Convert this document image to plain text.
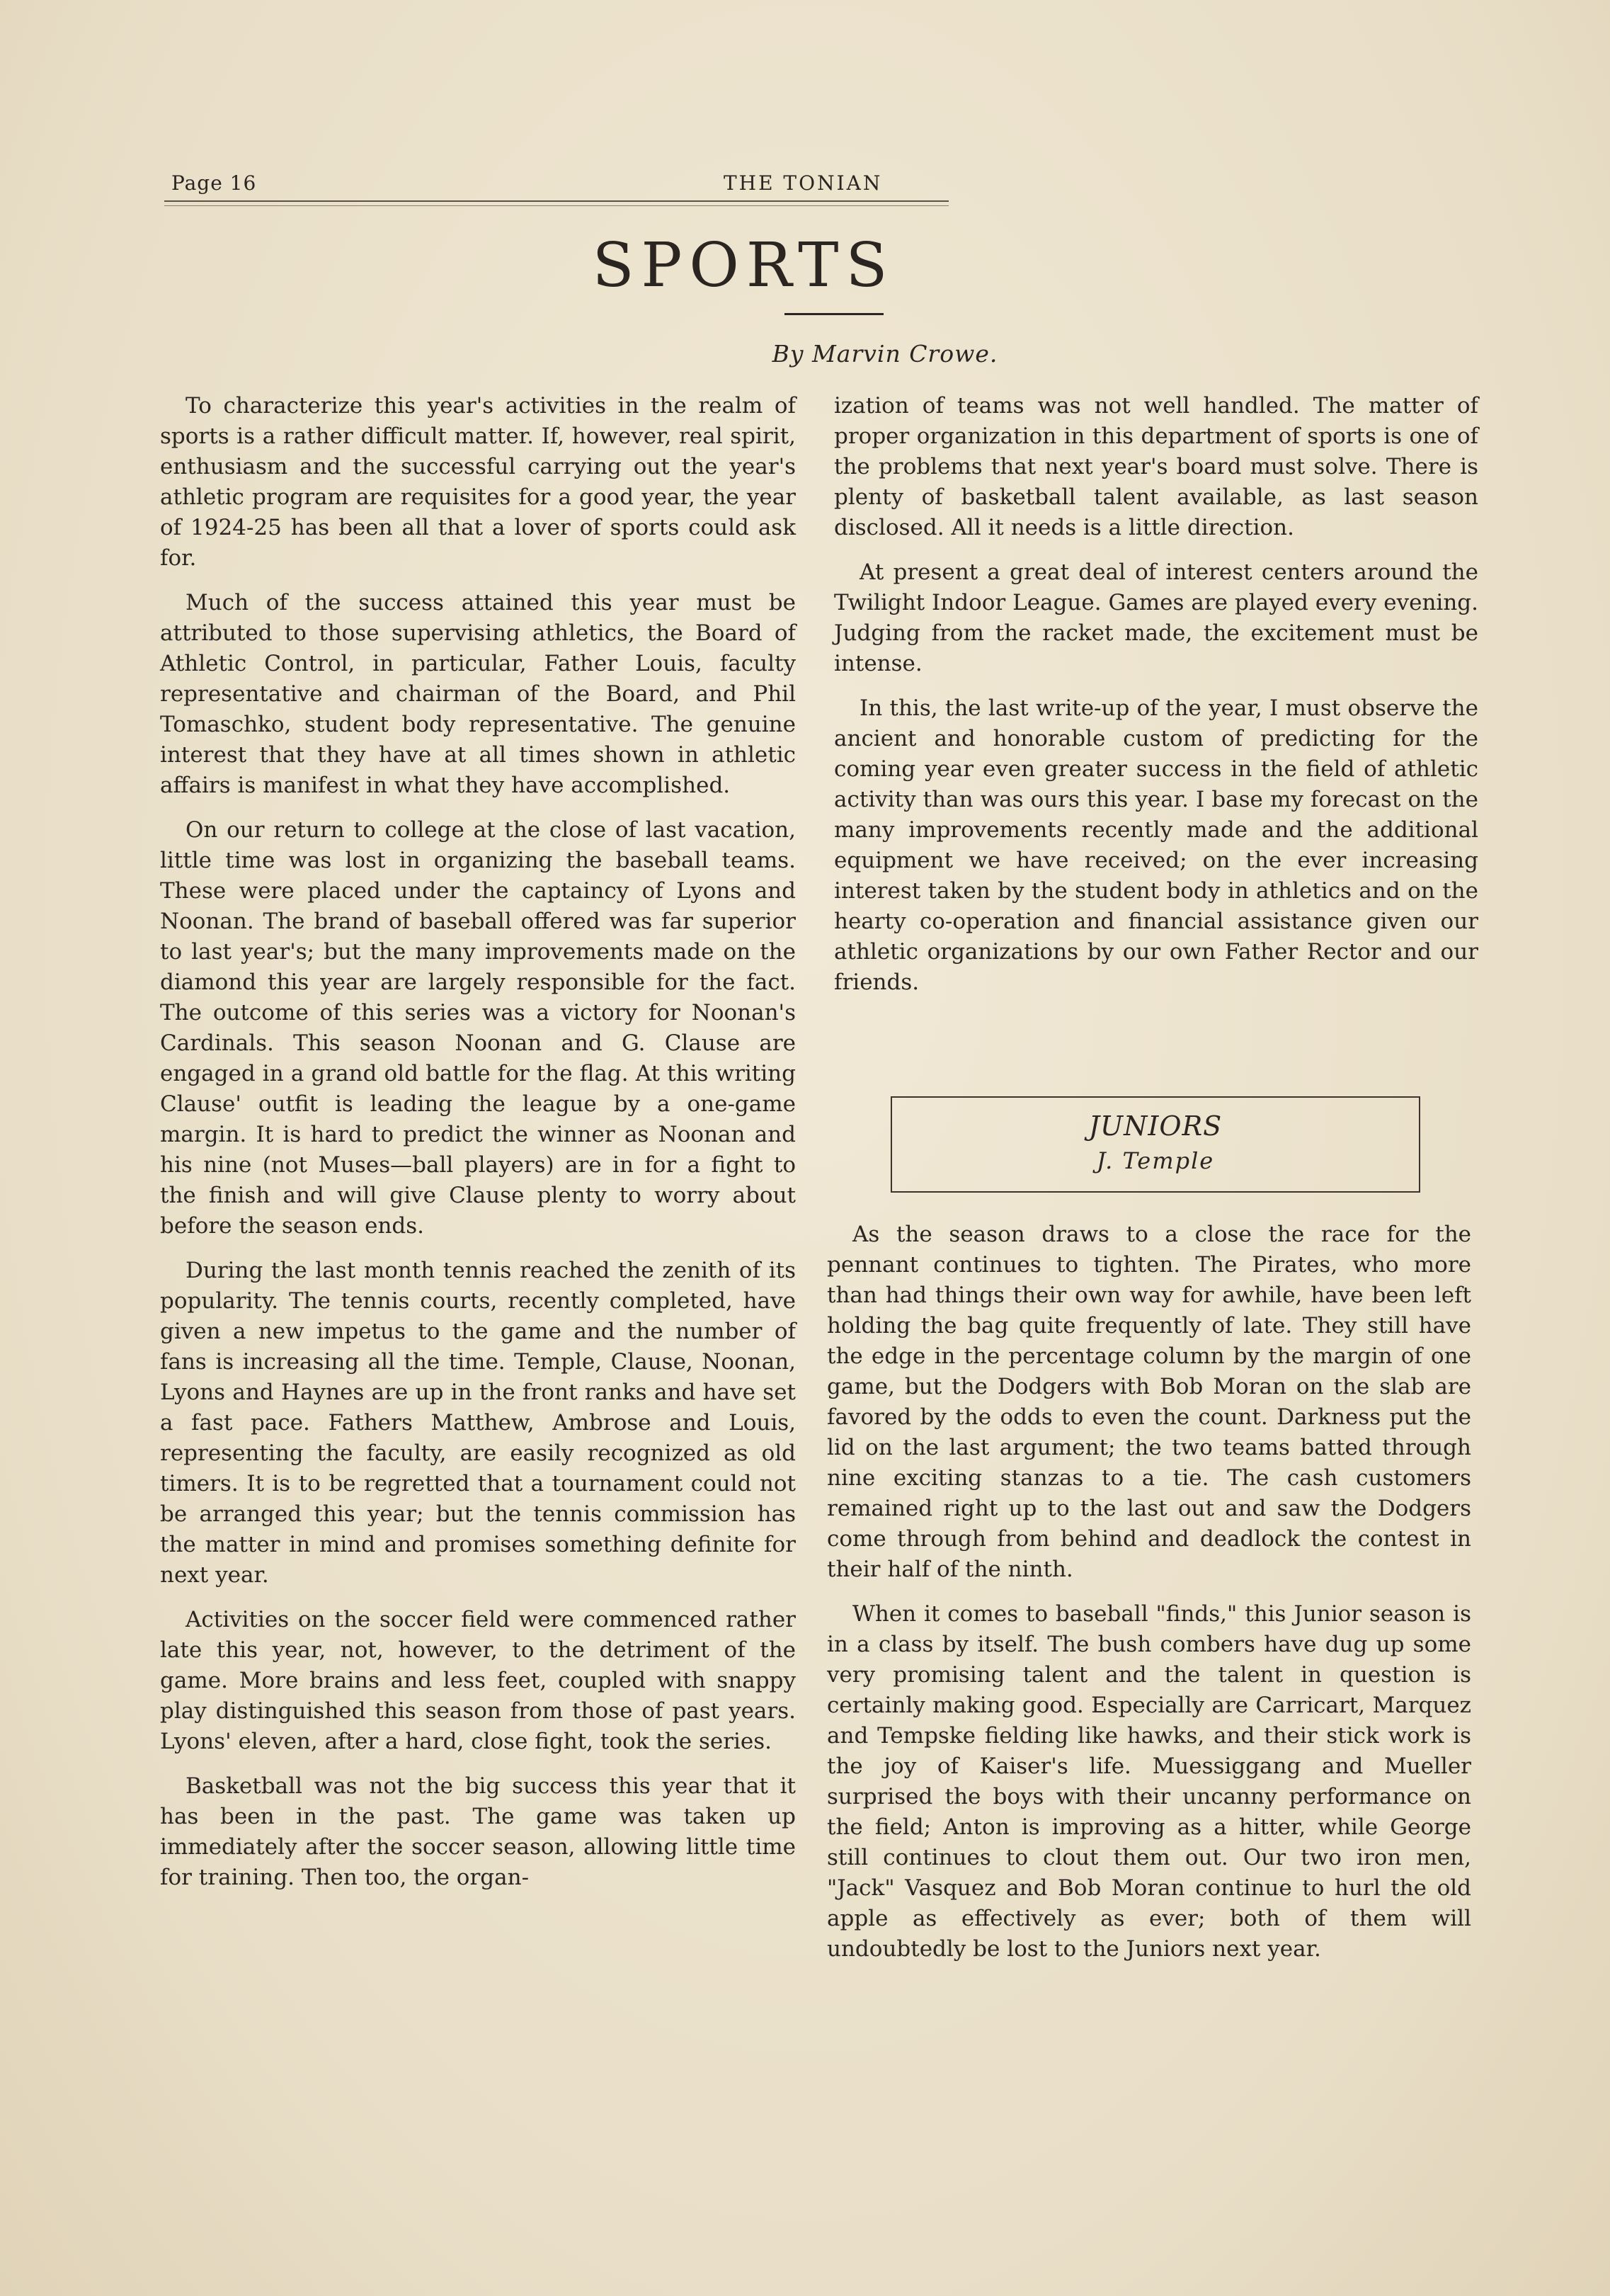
Page 16	THE TONIAN
SPORTS
By Marvin Crowe.

To characterize this year's activities in the realm of sports is a rather difficult matter. If, however, real spirit, enthusiasm and the successful carrying out the year's athletic program are requisites for a good year, the year of 1924-25 has been all that a lover of sports could ask for.

Much of the success attained this year must be attributed to those supervising athletics, the Board of Athletic Control, in particular, Father Louis, faculty representative and chairman of the Board, and Phil Tomaschko, student body representative. The genuine interest that they have at all times shown in athletic affairs is manifest in what they have accomplished.

On our return to college at the close of last vacation, little time was lost in organizing the baseball teams. These were placed under the captaincy of Lyons and Noonan. The brand of baseball offered was far superior to last year's; but the many improvements made on the diamond this year are largely responsible for the fact. The outcome of this series was a victory for Noonan's Cardinals. This season Noonan and G. Clause are engaged in a grand old battle for the flag. At this writing Clause' outfit is leading the league by a one-game margin. It is hard to predict the winner as Noonan and his nine (not Muses—ball players) are in for a fight to the finish and will give Clause plenty to worry about before the season ends.

During the last month tennis reached the zenith of its popularity. The tennis courts, recently completed, have given a new impetus to the game and the number of fans is increasing all the time. Temple, Clause, Noonan, Lyons and Haynes are up in the front ranks and have set a fast pace. Fathers Matthew, Ambrose and Louis, representing the faculty, are easily recognized as old timers. It is to be regretted that a tournament could not be arranged this year; but the tennis commission has the matter in mind and promises something definite for next year.

Activities on the soccer field were commenced rather late this year, not, however, to the detriment of the game. More brains and less feet, coupled with snappy play distinguished this season from those of past years. Lyons' eleven, after a hard, close fight, took the series.

Basketball was not the big success this year that it has been in the past. The game was taken up immediately after the soccer season, allowing little time for training. Then too, the organ-

ization of teams was not well handled. The matter of proper organization in this department of sports is one of the problems that next year's board must solve. There is plenty of basketball talent available, as last season disclosed. All it needs is a little direction.

At present a great deal of interest centers around the Twilight Indoor League. Games are played every evening. Judging from the racket made, the excitement must be intense.

In this, the last write-up of the year, I must observe the ancient and honorable custom of predicting for the coming year even greater success in the field of athletic activity than was ours this year. I base my forecast on the many improvements recently made and the additional equipment we have received; on the ever increasing interest taken by the student body in athletics and on the hearty co-operation and financial assistance given our athletic organizations by our own Father Rector and our friends.

JUNIORS
J. Temple

As the season draws to a close the race for the pennant continues to tighten. The Pirates, who more than had things their own way for awhile, have been left holding the bag quite frequently of late. They still have the edge in the percentage column by the margin of one game, but the Dodgers with Bob Moran on the slab are favored by the odds to even the count. Darkness put the lid on the last argument; the two teams batted through nine exciting stanzas to a tie. The cash customers remained right up to the last out and saw the Dodgers come through from behind and deadlock the contest in their half of the ninth.

When it comes to baseball "finds," this Junior season is in a class by itself. The bush combers have dug up some very promising talent and the talent in question is certainly making good. Especially are Carricart, Marquez and Tempske fielding like hawks, and their stick work is the joy of Kaiser's life. Muessiggang and Mueller surprised the boys with their uncanny performance on the field; Anton is improving as a hitter, while George still continues to clout them out. Our two iron men, "Jack" Vasquez and Bob Moran continue to hurl the old apple as effectively as ever; both of them will undoubtedly be lost to the Juniors next year.
